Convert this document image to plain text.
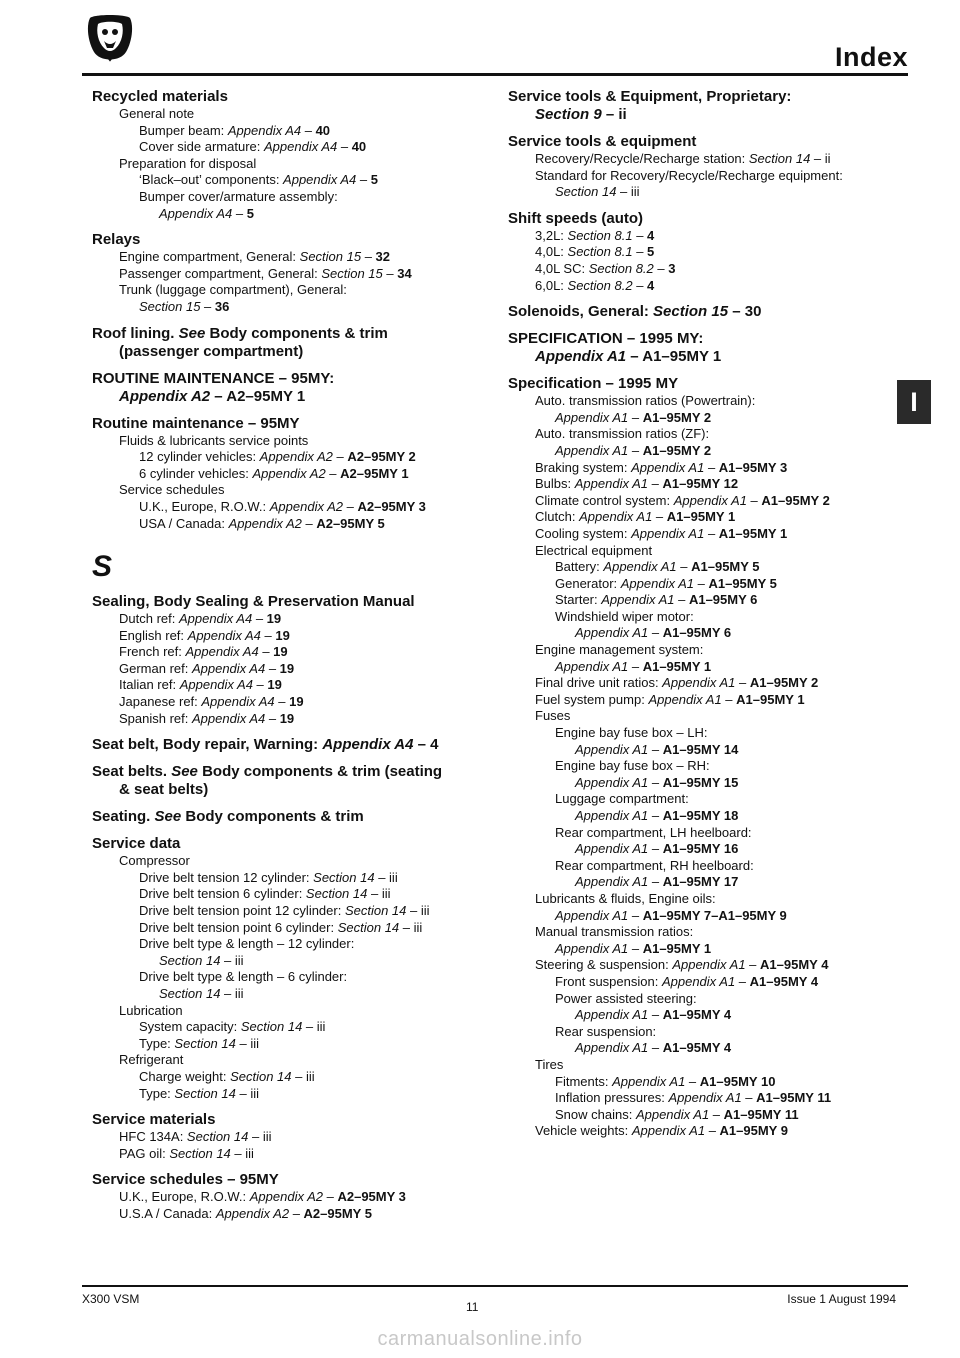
Index
Recycled materials
General note
Bumper beam: Appendix A4 – 40
Cover side armature: Appendix A4 – 40
Preparation for disposal
‘Black–out’ components: Appendix A4 – 5
Bumper cover/armature assembly:
Appendix A4 – 5
Relays
Engine compartment, General: Section 15 – 32
Passenger compartment, General: Section 15 – 34
Trunk (luggage compartment), General:
Section 15 – 36
Roof lining. See Body components & trim
(passenger compartment)
ROUTINE MAINTENANCE – 95MY:
Appendix A2 – A2–95MY 1
Routine maintenance – 95MY
Fluids & lubricants service points
12 cylinder vehicles: Appendix A2 – A2–95MY 2
6 cylinder vehicles: Appendix A2 – A2–95MY 1
Service schedules
U.K., Europe, R.O.W.: Appendix A2 – A2–95MY 3
USA / Canada: Appendix A2 – A2–95MY 5
S
Sealing, Body Sealing & Preservation Manual
Dutch ref: Appendix A4 – 19
English ref: Appendix A4 – 19
French ref: Appendix A4 – 19
German ref: Appendix A4 – 19
Italian ref: Appendix A4 – 19
Japanese ref: Appendix A4 – 19
Spanish ref: Appendix A4 – 19
Seat belt, Body repair, Warning: Appendix A4 – 4
Seat belts. See Body components & trim (seating
& seat belts)
Seating. See Body components & trim
Service data
Compressor
Drive belt tension 12 cylinder: Section 14 – iii
Drive belt tension 6 cylinder: Section 14 – iii
Drive belt tension point 12 cylinder: Section 14 – iii
Drive belt tension point 6 cylinder: Section 14 – iii
Drive belt type & length – 12 cylinder:
Section 14 – iii
Drive belt type & length – 6 cylinder:
Section 14 – iii
Lubrication
System capacity: Section 14 – iii
Type: Section 14 – iii
Refrigerant
Charge weight: Section 14 – iii
Type: Section 14 – iii
Service materials
HFC 134A: Section 14 – iii
PAG oil: Section 14 – iii
Service schedules – 95MY
U.K., Europe, R.O.W.: Appendix A2 – A2–95MY 3
U.S.A / Canada: Appendix A2 – A2–95MY 5
Service tools & Equipment, Proprietary:
Section 9 – ii
Service tools & equipment
Recovery/Recycle/Recharge station: Section 14 – ii
Standard for Recovery/Recycle/Recharge equipment:
Section 14 – iii
Shift speeds (auto)
3,2L: Section 8.1 – 4
4,0L: Section 8.1 – 5
4,0L SC: Section 8.2 – 3
6,0L: Section 8.2 – 4
Solenoids, General: Section 15 – 30
SPECIFICATION – 1995 MY:
Appendix A1 – A1–95MY 1
Specification – 1995 MY
Auto. transmission ratios (Powertrain):
Appendix A1 – A1–95MY 2
Auto. transmission ratios (ZF):
Appendix A1 – A1–95MY 2
Braking system: Appendix A1 – A1–95MY 3
Bulbs: Appendix A1 – A1–95MY 12
Climate control system: Appendix A1 – A1–95MY 2
Clutch: Appendix A1 – A1–95MY 1
Cooling system: Appendix A1 – A1–95MY 1
Electrical equipment
Battery: Appendix A1 – A1–95MY 5
Generator: Appendix A1 – A1–95MY 5
Starter: Appendix A1 – A1–95MY 6
Windshield wiper motor:
Appendix A1 – A1–95MY 6
Engine management system:
Appendix A1 – A1–95MY 1
Final drive unit ratios: Appendix A1 – A1–95MY 2
Fuel system pump: Appendix A1 – A1–95MY 1
Fuses
Engine bay fuse box – LH:
Appendix A1 – A1–95MY 14
Engine bay fuse box – RH:
Appendix A1 – A1–95MY 15
Luggage compartment:
Appendix A1 – A1–95MY 18
Rear compartment, LH heelboard:
Appendix A1 – A1–95MY 16
Rear compartment, RH heelboard:
Appendix A1 – A1–95MY 17
Lubricants & fluids, Engine oils:
Appendix A1 – A1–95MY 7–A1–95MY 9
Manual transmission ratios:
Appendix A1 – A1–95MY 1
Steering & suspension: Appendix A1 – A1–95MY 4
Front suspension: Appendix A1 – A1–95MY 4
Power assisted steering:
Appendix A1 – A1–95MY 4
Rear suspension:
Appendix A1 – A1–95MY 4
Tires
Fitments: Appendix A1 – A1–95MY 10
Inflation pressures: Appendix A1 – A1–95MY 11
Snow chains: Appendix A1 – A1–95MY 11
Vehicle weights: Appendix A1 – A1–95MY 9
I
X300 VSM
11
Issue 1 August 1994
carmanualsonline.info
